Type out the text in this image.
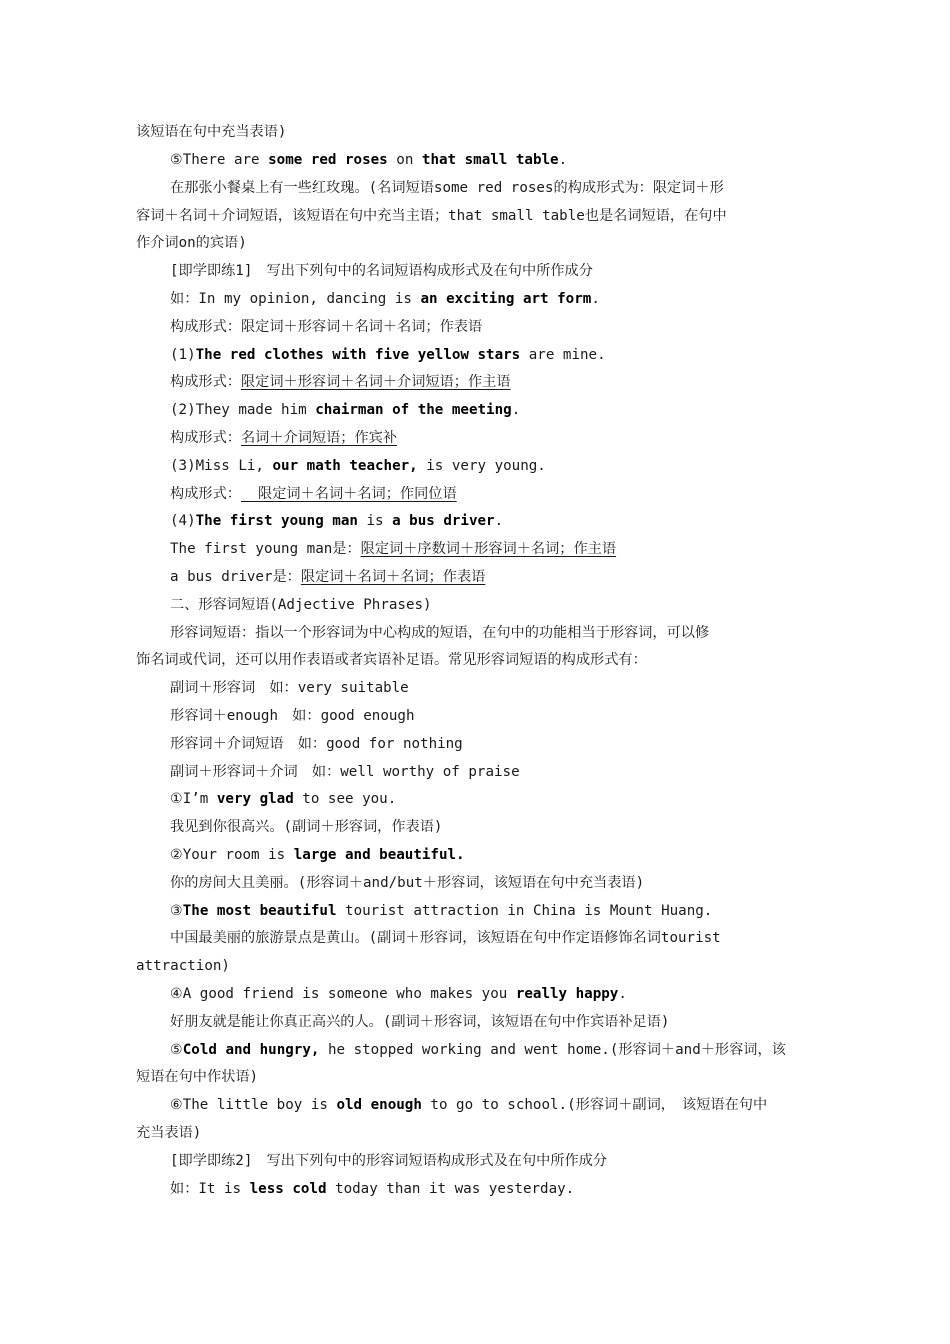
该短语在句中充当表语)
⑤There are some red roses on that small table.
在那张小餐桌上有一些红玫瑰。(名词短语some red roses的构成形式为：限定词＋形
容词＋名词＋介词短语，该短语在句中充当主语；that small table也是名词短语，在句中
作介词on的宾语)
[即学即练1]　写出下列句中的名词短语构成形式及在句中所作成分
如：In my opinion, dancing is an exciting art form.
构成形式：限定词＋形容词＋名词＋名词；作表语
(1)The red clothes with five yellow stars are mine.
构成形式：限定词＋形容词＋名词＋介词短语；作主语
(2)They made him chairman of the meeting.
构成形式：名词＋介词短语；作宾补
(3)Miss Li, our math teacher, is very young.
构成形式：  限定词＋名词＋名词；作同位语
(4)The first young man is a bus driver.
The first young man是：限定词＋序数词＋形容词＋名词；作主语
a bus driver是：限定词＋名词＋名词；作表语
二、形容词短语(Adjective Phrases)
形容词短语：指以一个形容词为中心构成的短语，在句中的功能相当于形容词，可以修
饰名词或代词，还可以用作表语或者宾语补足语。常见形容词短语的构成形式有：
副词＋形容词　如：very suitable
形容词＋enough　如：good enough
形容词＋介词短语　如：good for nothing
副词＋形容词＋介词　如：well worthy of praise
①I’m very glad to see you.
我见到你很高兴。(副词＋形容词，作表语)
②Your room is large and beautiful.
你的房间大且美丽。(形容词＋and/but＋形容词，该短语在句中充当表语)
③The most beautiful tourist attraction in China is Mount Huang.
中国最美丽的旅游景点是黄山。(副词＋形容词，该短语在句中作定语修饰名词tourist
attraction)
④A good friend is someone who makes you really happy.
好朋友就是能让你真正高兴的人。(副词＋形容词，该短语在句中作宾语补足语)
⑤Cold and hungry, he stopped working and went home.(形容词＋and＋形容词，该
短语在句中作状语)
⑥The little boy is old enough to go to school.(形容词＋副词，　该短语在句中
充当表语)
[即学即练2]　写出下列句中的形容词短语构成形式及在句中所作成分
如：It is less cold today than it was yesterday.
